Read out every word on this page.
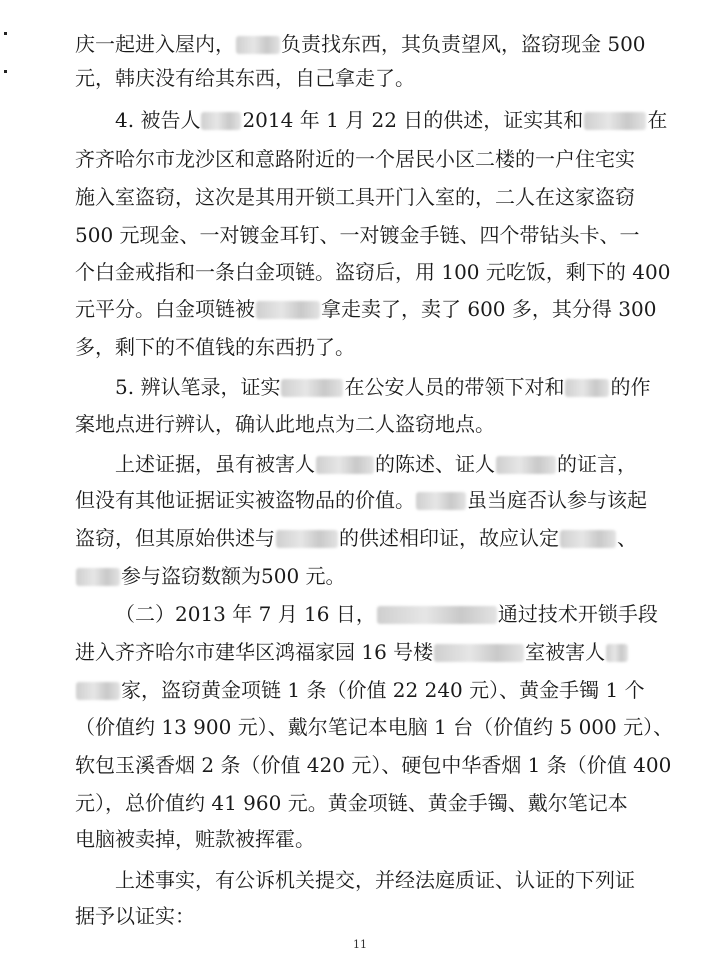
庆一起进入屋内， 负责找东西，其负责望风，盗窃现金 500
元，韩庆没有给其东西，自己拿走了。
4. 被告人 2014 年 1 月 22 日的供述，证实其和	在
齐齐哈尔市龙沙区和意路附近的一个居民小区二楼的一户住宅实
施入室盗窃，这次是其用开锁工具开门入室的，二人在这家盗窃
500 元现金、一对镀金耳钉、一对镀金手链、四个带钻头卡、一
个白金戒指和一条白金项链。盗窃后，用 100 元吃饭，剩下的 400
元平分。白金项链被	拿走卖了，卖了 600 多，其分得 300
多，剩下的不值钱的东西扔了。
5. 辨认笔录，证实	在公安人员的带领下对和 的作
案地点进行辨认，确认此地点为二人盗窃地点。
上述证据，虽有被害人	的陈述、证人	的证言，
但没有其他证据证实被盗物品的价值。	虽当庭否认参与该起
盗窃，但其原始供述与	的供述相印证，故应认定	、
参与盗窃数额为500 元。
（二）2013 年 7 月 16 日，	通过技术开锁手段
进入齐齐哈尔市建华区鸿福家园 16 号楼	室被害人
家，盗窃黄金项链 1 条（价值 22 240 元）、黄金手镯 1 个
（价值约 13 900 元）、戴尔笔记本电脑 1 台（价值约 5 000 元）、
软包玉溪香烟 2 条（价值 420 元）、硬包中华香烟 1 条（价值 400
元），总价值约 41 960 元。黄金项链、黄金手镯、戴尔笔记本
电脑被卖掉，赃款被挥霍。
上述事实，有公诉机关提交，并经法庭质证、认证的下列证
据予以证实：
11
